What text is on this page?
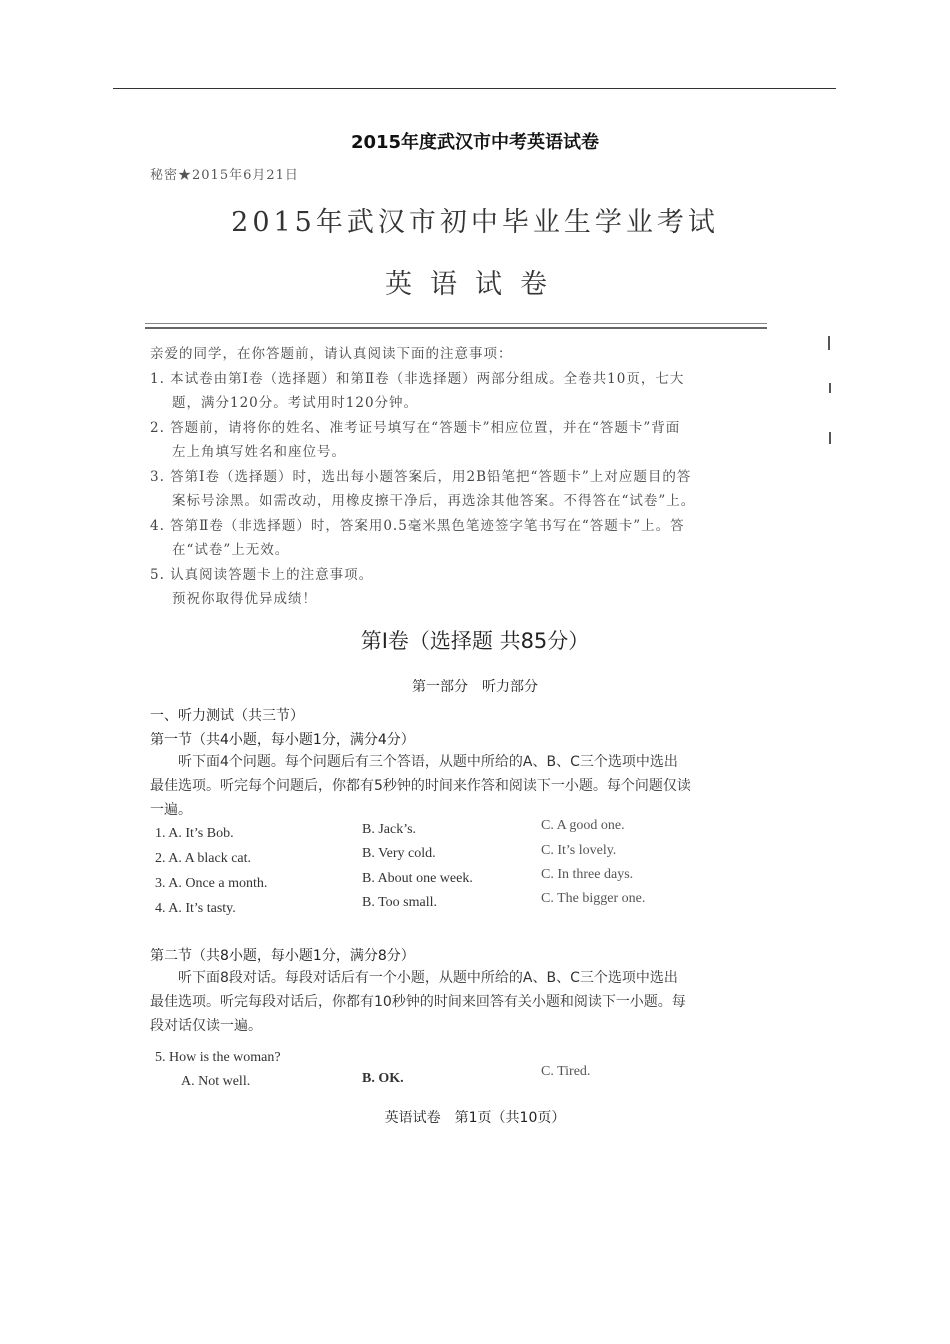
2015年度武汉市中考英语试卷
秘密★2015年6月21日
2015年武汉市初中毕业生学业考试
英语试卷
亲爱的同学，在你答题前，请认真阅读下面的注意事项：
1. 本试卷由第Ⅰ卷（选择题）和第Ⅱ卷（非选择题）两部分组成。全卷共10页，七大
题，满分120分。考试用时120分钟。
2. 答题前，请将你的姓名、准考证号填写在“答题卡”相应位置，并在“答题卡”背面
左上角填写姓名和座位号。
3. 答第Ⅰ卷（选择题）时，选出每小题答案后，用2B铅笔把“答题卡”上对应题目的答
案标号涂黑。如需改动，用橡皮擦干净后，再选涂其他答案。不得答在“试卷”上。
4. 答第Ⅱ卷（非选择题）时，答案用0.5毫米黑色笔迹签字笔书写在“答题卡”上。答
在“试卷”上无效。
5. 认真阅读答题卡上的注意事项。
预祝你取得优异成绩！
第Ⅰ卷（选择题 共85分）
第一部分　听力部分
一、听力测试（共三节）
第一节（共4小题，每小题1分，满分4分）
听下面4个问题。每个问题后有三个答语，从题中所给的A、B、C三个选项中选出
最佳选项。听完每个问题后，你都有5秒钟的时间来作答和阅读下一小题。每个问题仅读
一遍。
1. A. It’s Bob.	B. Jack’s.	C. A good one.
2. A. A black cat.	B. Very cold.	C. It’s lovely.
3. A. Once a month.	B. About one week.	C. In three days.
4. A. It’s tasty.	B. Too small.	C. The bigger one.
第二节（共8小题，每小题1分，满分8分）
听下面8段对话。每段对话后有一个小题，从题中所给的A、B、C三个选项中选出
最佳选项。听完每段对话后，你都有10秒钟的时间来回答有关小题和阅读下一小题。每
段对话仅读一遍。
5. How is the woman?
A. Not well.	B. OK.	C. Tired.
英语试卷　第1页（共10页）
